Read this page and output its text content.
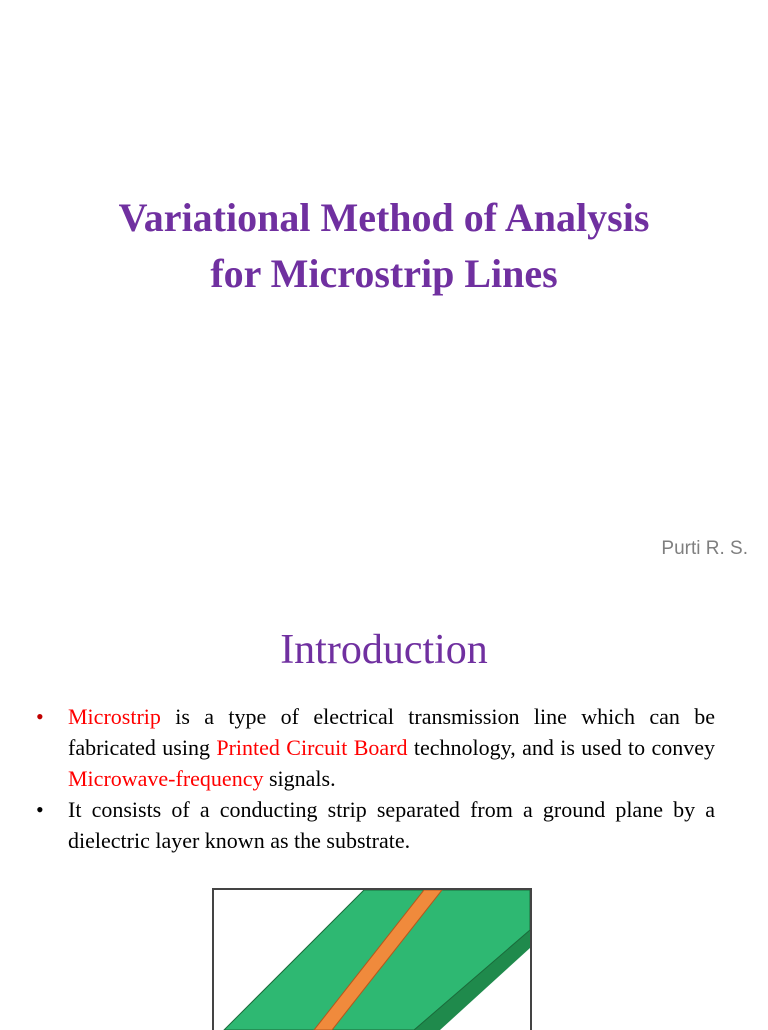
Variational Method of Analysis
for Microstrip Lines
Purti R. S.
Introduction
• Microstrip is a type of electrical transmission line which can be fabricated using Printed Circuit Board technology, and is used to convey Microwave-frequency signals.
• It consists of a conducting strip separated from a ground plane by a dielectric layer known as the substrate.
